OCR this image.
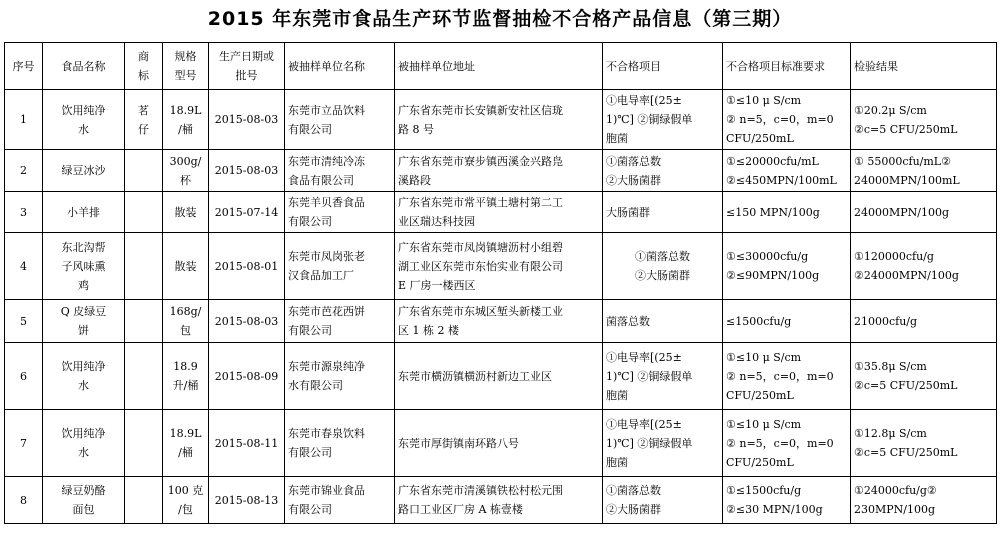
2015 年东莞市食品生产环节监督抽检不合格产品信息（第三期）
序号	食品名称	商
标	规格
型号	生产日期或
批号	被抽样单位名称	被抽样单位地址	不合格项目	不合格项目标准要求	检验结果
1	饮用纯净
水	茗
仔	18.9L
/桶	2015-08-03	东莞市立品饮料
有限公司	广东省东莞市长安镇新安社区信珑
路 8 号	①电导率[(25±
1)℃] ②铜绿假单
胞菌	①≤10 μ S/cm
② n=5，c=0，m=0
CFU/250mL	①20.2μ S/cm
②c=5 CFU/250mL
2	绿豆冰沙		300g/
杯	2015-08-03	东莞市清纯冷冻
食品有限公司	广东省东莞市寮步镇西溪金兴路凫
溪路段	①菌落总数
②大肠菌群	①≤20000cfu/mL
②≤450MPN/100mL	① 55000cfu/mL②
24000MPN/100mL
3	小羊排		散装	2015-07-14	东莞羊贝香食品
有限公司	广东省东莞市常平镇土塘村第二工
业区瑞达科技园	大肠菌群	≤150 MPN/100g	24000MPN/100g
4	东北沟帮
子风味熏
鸡		散装	2015-08-01	东莞市凤岗张老
汉食品加工厂	广东省东莞市凤岗镇塘沥村小组碧
湖工业区东莞市东怡实业有限公司
E 厂房一楼西区	①菌落总数
②大肠菌群	①≤30000cfu/g
②≤90MPN/100g	①120000cfu/g
②24000MPN/100g
5	Q 皮绿豆
饼		168g/
包	2015-08-03	东莞市芭花西饼
有限公司	广东省东莞市东城区堑头新楼工业
区 1 栋 2 楼	菌落总数	≤1500cfu/g	21000cfu/g
6	饮用纯净
水		18.9
升/桶	2015-08-09	东莞市源泉纯净
水有限公司	东莞市横沥镇横沥村新边工业区	①电导率[(25±
1)℃] ②铜绿假单
胞菌	①≤10 μ S/cm
② n=5，c=0，m=0
CFU/250mL	①35.8μ S/cm
②c=5 CFU/250mL
7	饮用纯净
水		18.9L
/桶	2015-08-11	东莞市春泉饮料
有限公司	东莞市厚街镇南环路八号	①电导率[(25±
1)℃] ②铜绿假单
胞菌	①≤10 μ S/cm
② n=5，c=0，m=0
CFU/250mL	①12.8μ S/cm
②c=5 CFU/250mL
8	绿豆奶酪
面包		100 克
/包	2015-08-13	东莞市锦业食品
有限公司	广东省东莞市清溪镇铁松村松元围
路口工业区厂房 A 栋壹楼	①菌落总数
②大肠菌群	①≤1500cfu/g
②≤30 MPN/100g	①24000cfu/g②
230MPN/100g
